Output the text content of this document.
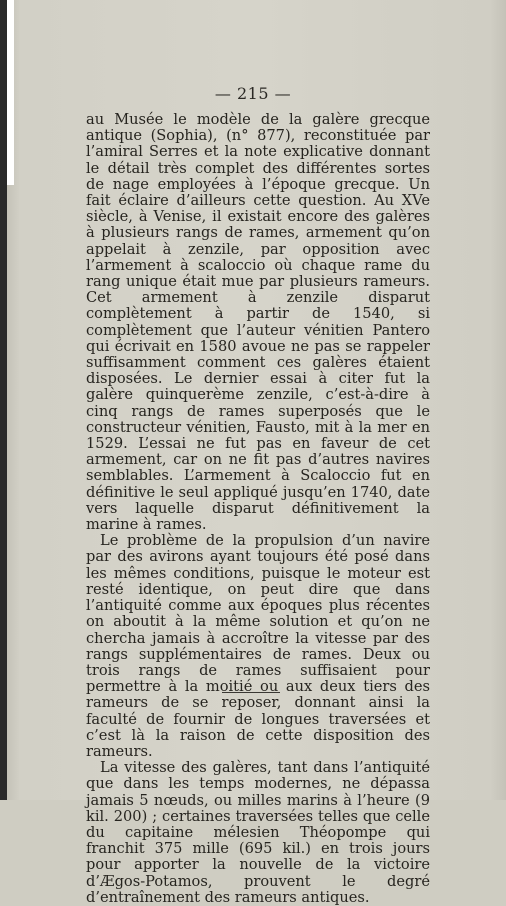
— 215 —

au Musée le modèle de la galère grecque antique (Sophia), (n° 877), reconstituée par l’amiral Serres et la note explicative donnant le détail très complet des différentes sortes de nage employées à l’époque grecque. Un fait éclaire d’ailleurs cette question. Au XVe siècle, à Venise, il existait encore des galères à plusieurs rangs de rames, armement qu’on appelait à zenzile, par opposition avec l’armement à scaloccio où chaque rame du rang unique était mue par plusieurs rameurs. Cet armement à zenzile disparut complètement à partir de 1540, si complètement que l’auteur vénitien Pantero qui écrivait en 1580 avoue ne pas se rappeler suffisamment comment ces galères étaient disposées. Le dernier essai à citer fut la galère quinquerème zenzile, c’est-à-dire à cinq rangs de rames superposés que le constructeur vénitien, Fausto, mit à la mer en 1529. L’essai ne fut pas en faveur de cet armement, car on ne fit pas d’autres navires semblables. L’armement à Scaloccio fut en définitive le seul appliqué jusqu’en 1740, date vers laquelle disparut définitivement la marine à rames.

Le problème de la propulsion d’un navire par des avirons ayant toujours été posé dans les mêmes conditions, puisque le moteur est resté identique, on peut dire que dans l’antiquité comme aux époques plus récentes on aboutit à la même solution et qu’on ne chercha jamais à accroître la vitesse par des rangs supplémentaires de rames. Deux ou trois rangs de rames suffisaient pour permettre à la moitié ou aux deux tiers des rameurs de se reposer, donnant ainsi la faculté de fournir de longues traversées et c’est là la raison de cette disposition des rameurs.

La vitesse des galères, tant dans l’antiquité que dans les temps modernes, ne dépassa jamais 5 nœuds, ou milles marins à l’heure (9 kil. 200) ; certaines traversées telles que celle du capitaine mélesien Théopompe qui franchit 375 mille (695 kil.) en trois jours pour apporter la nouvelle de la victoire d’Ægos-Potamos, prouvent le degré d’entraînement des rameurs antiques.
